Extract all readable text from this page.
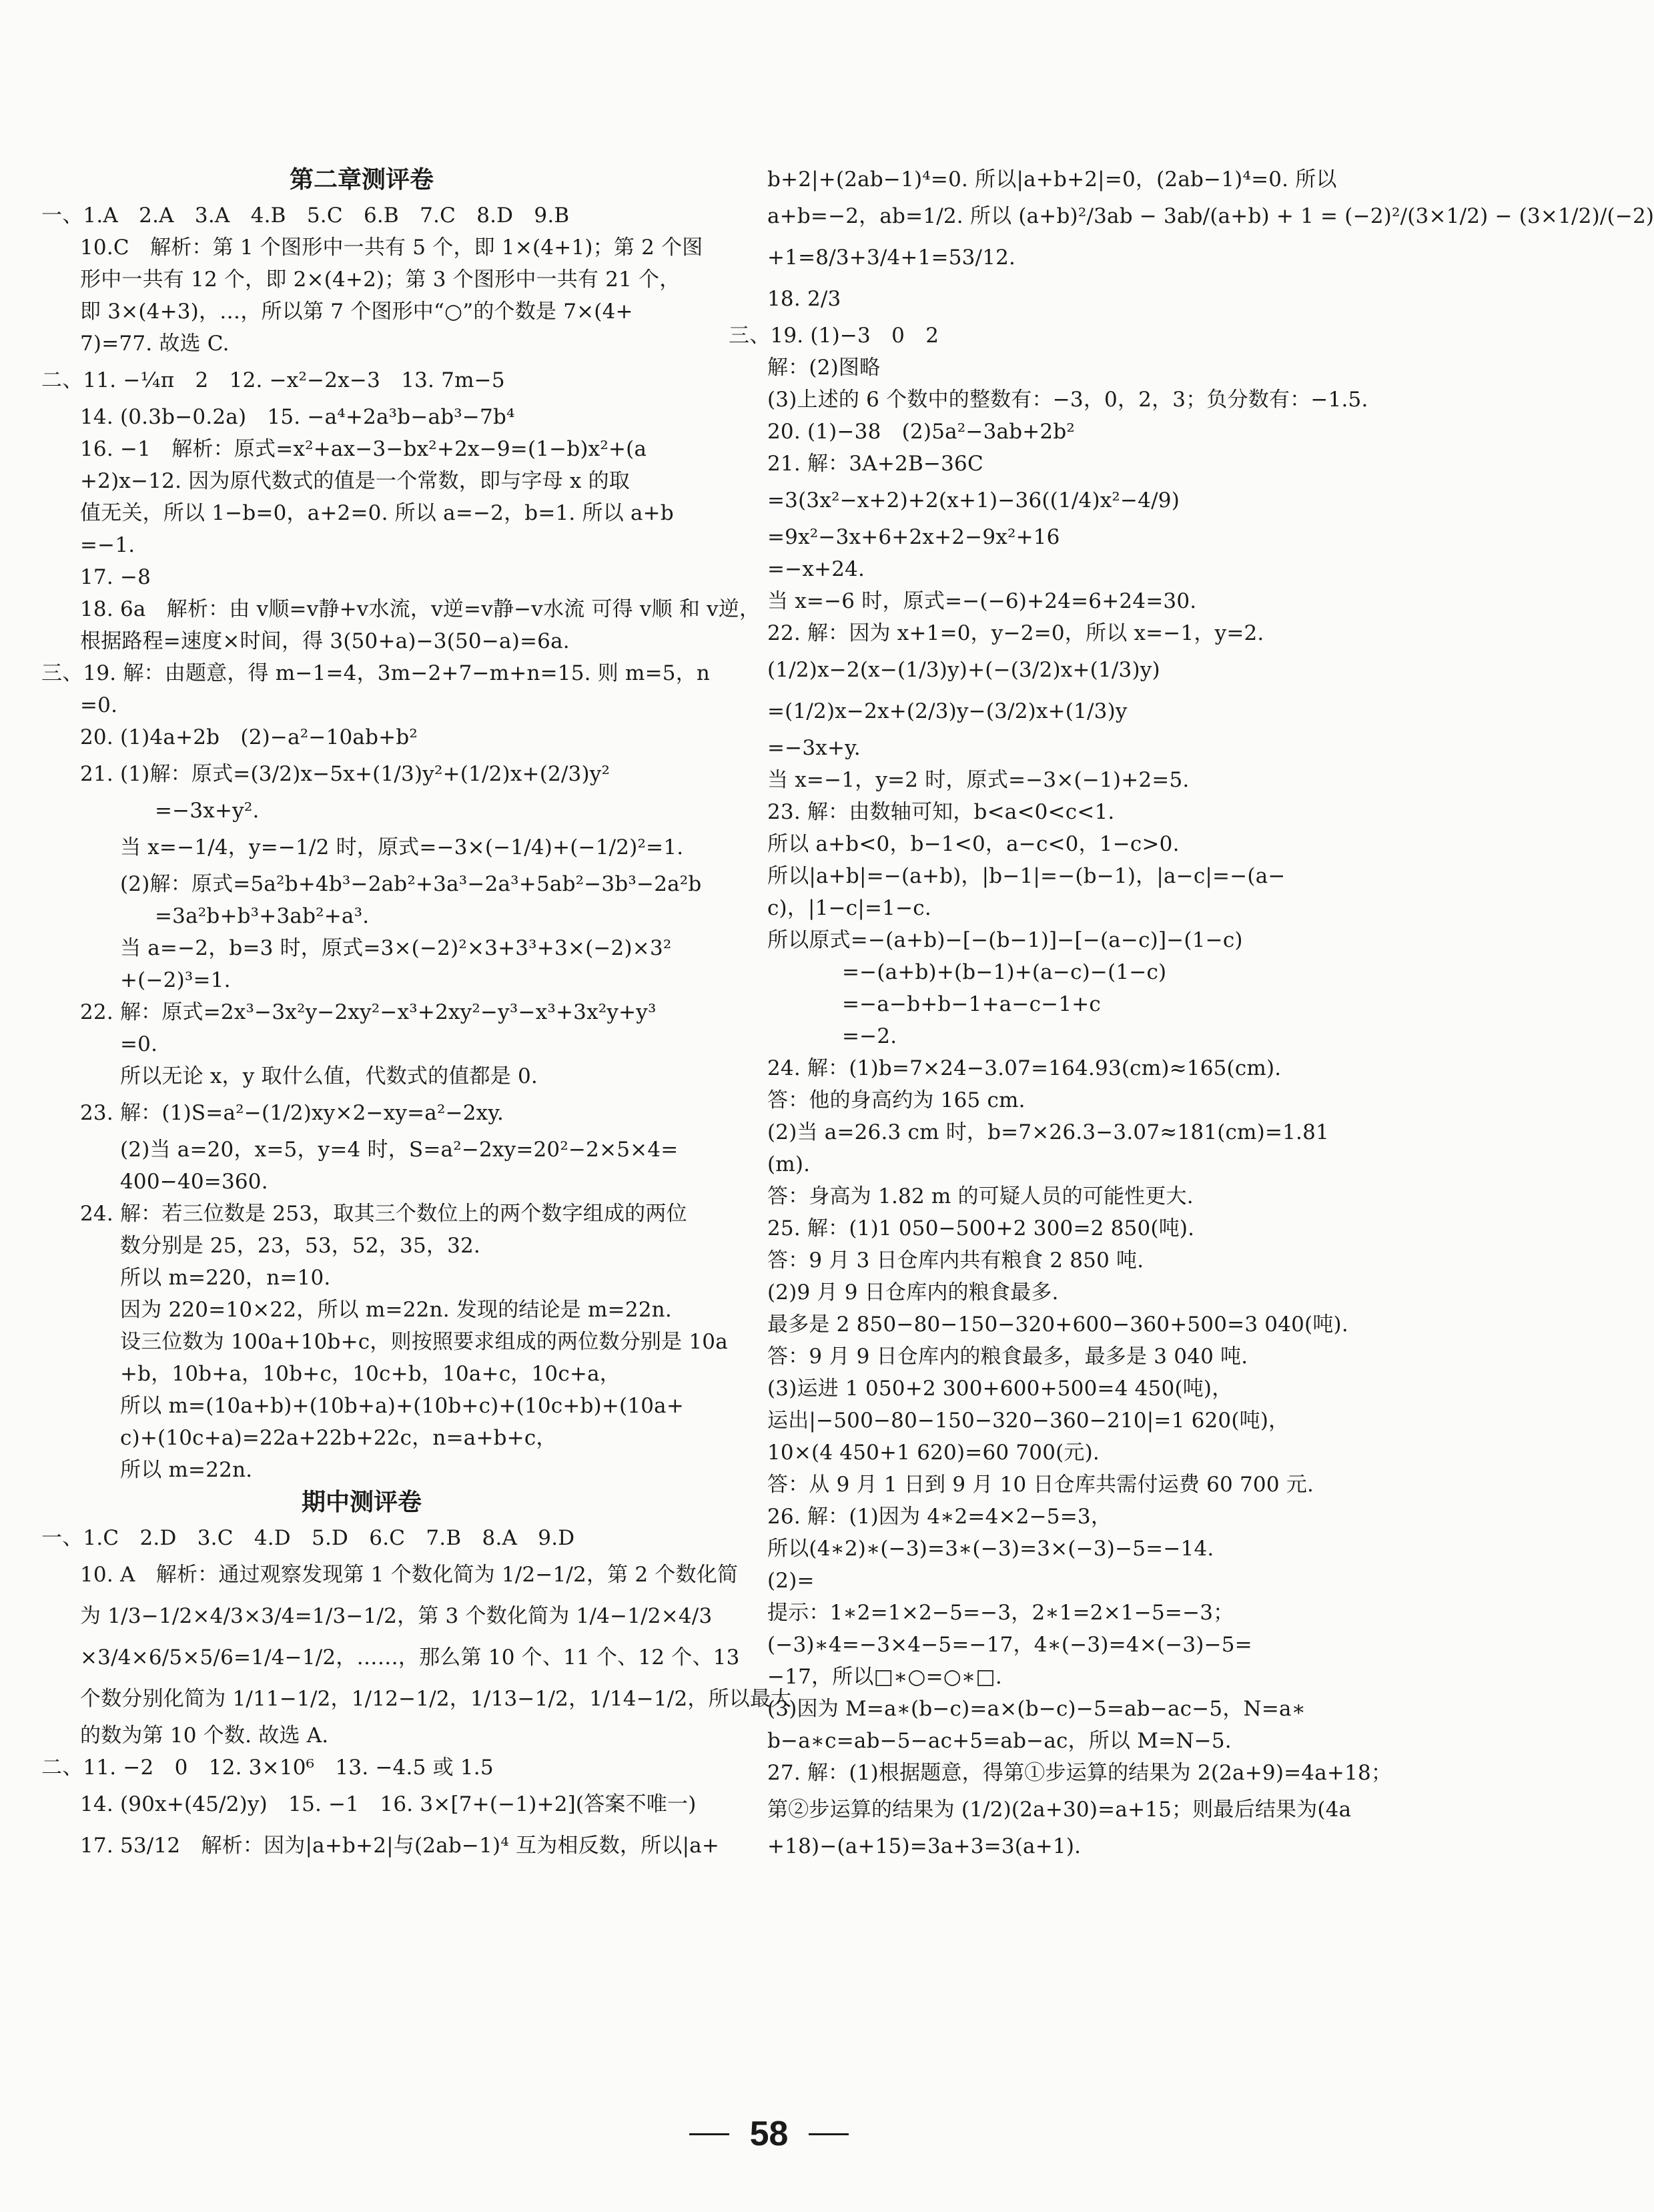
第二章测评卷
一、1.A　2.A　3.A　4.B　5.C　6.B　7.C　8.D　9.B
10.C　解析：第 1 个图形中一共有 5 个，即 1×(4+1)；第 2 个图
形中一共有 12 个，即 2×(4+2)；第 3 个图形中一共有 21 个，
即 3×(4+3)，…，所以第 7 个图形中“○”的个数是 7×(4+
7)=77. 故选 C.
二、11. −¼π　2　12. −x²−2x−3　13. 7m−5
14. (0.3b−0.2a)　15. −a⁴+2a³b−ab³−7b⁴
16. −1　解析：原式=x²+ax−3−bx²+2x−9=(1−b)x²+(a
+2)x−12. 因为原代数式的值是一个常数，即与字母 x 的取
值无关，所以 1−b=0，a+2=0. 所以 a=−2，b=1. 所以 a+b
=−1.
17. −8
18. 6a　解析：由 v顺=v静+v水流，v逆=v静−v水流 可得 v顺 和 v逆，
根据路程=速度×时间，得 3(50+a)−3(50−a)=6a.
三、19. 解：由题意，得 m−1=4，3m−2+7−m+n=15. 则 m=5，n
=0.
20. (1)4a+2b　(2)−a²−10ab+b²
21. (1)解：原式=(3/2)x−5x+(1/3)y²+(1/2)x+(2/3)y²
=−3x+y².
当 x=−1/4，y=−1/2 时，原式=−3×(−1/4)+(−1/2)²=1.
(2)解：原式=5a²b+4b³−2ab²+3a³−2a³+5ab²−3b³−2a²b
=3a²b+b³+3ab²+a³.
当 a=−2，b=3 时，原式=3×(−2)²×3+3³+3×(−2)×3²
+(−2)³=1.
22. 解：原式=2x³−3x²y−2xy²−x³+2xy²−y³−x³+3x²y+y³
=0.
所以无论 x，y 取什么值，代数式的值都是 0.
23. 解：(1)S=a²−(1/2)xy×2−xy=a²−2xy.
(2)当 a=20，x=5，y=4 时，S=a²−2xy=20²−2×5×4=
400−40=360.
24. 解：若三位数是 253，取其三个数位上的两个数字组成的两位
数分别是 25，23，53，52，35，32.
所以 m=220，n=10.
因为 220=10×22，所以 m=22n. 发现的结论是 m=22n.
设三位数为 100a+10b+c，则按照要求组成的两位数分别是 10a
+b，10b+a，10b+c，10c+b，10a+c，10c+a，
所以 m=(10a+b)+(10b+a)+(10b+c)+(10c+b)+(10a+
c)+(10c+a)=22a+22b+22c，n=a+b+c，
所以 m=22n.
期中测评卷
一、1.C　2.D　3.C　4.D　5.D　6.C　7.B　8.A　9.D
10. A　解析：通过观察发现第 1 个数化简为 1/2−1/2，第 2 个数化简
为 1/3−1/2×4/3×3/4=1/3−1/2，第 3 个数化简为 1/4−1/2×4/3
×3/4×6/5×5/6=1/4−1/2，……，那么第 10 个、11 个、12 个、13
个数分别化简为 1/11−1/2，1/12−1/2，1/13−1/2，1/14−1/2，所以最大
的数为第 10 个数. 故选 A.
二、11. −2　0　12. 3×10⁶　13. −4.5 或 1.5
14. (90x+(45/2)y)　15. −1　16. 3×[7+(−1)+2](答案不唯一)
17. 53/12　解析：因为|a+b+2|与(2ab−1)⁴ 互为相反数，所以|a+
b+2|+(2ab−1)⁴=0. 所以|a+b+2|=0，(2ab−1)⁴=0. 所以
a+b=−2，ab=1/2. 所以 (a+b)²/3ab − 3ab/(a+b) + 1 = (−2)²/(3×1/2) − (3×1/2)/(−2)
+1=8/3+3/4+1=53/12.
18. 2/3
三、19. (1)−3　0　2
解：(2)图略
(3)上述的 6 个数中的整数有：−3，0，2，3；负分数有：−1.5.
20. (1)−38　(2)5a²−3ab+2b²
21. 解：3A+2B−36C
=3(3x²−x+2)+2(x+1)−36((1/4)x²−4/9)
=9x²−3x+6+2x+2−9x²+16
=−x+24.
当 x=−6 时，原式=−(−6)+24=6+24=30.
22. 解：因为 x+1=0，y−2=0，所以 x=−1，y=2.
(1/2)x−2(x−(1/3)y)+(−(3/2)x+(1/3)y)
=(1/2)x−2x+(2/3)y−(3/2)x+(1/3)y
=−3x+y.
当 x=−1，y=2 时，原式=−3×(−1)+2=5.
23. 解：由数轴可知，b<a<0<c<1.
所以 a+b<0，b−1<0，a−c<0，1−c>0.
所以|a+b|=−(a+b)，|b−1|=−(b−1)，|a−c|=−(a−
c)，|1−c|=1−c.
所以原式=−(a+b)−[−(b−1)]−[−(a−c)]−(1−c)
=−(a+b)+(b−1)+(a−c)−(1−c)
=−a−b+b−1+a−c−1+c
=−2.
24. 解：(1)b=7×24−3.07=164.93(cm)≈165(cm).
答：他的身高约为 165 cm.
(2)当 a=26.3 cm 时，b=7×26.3−3.07≈181(cm)=1.81
(m).
答：身高为 1.82 m 的可疑人员的可能性更大.
25. 解：(1)1 050−500+2 300=2 850(吨).
答：9 月 3 日仓库内共有粮食 2 850 吨.
(2)9 月 9 日仓库内的粮食最多.
最多是 2 850−80−150−320+600−360+500=3 040(吨).
答：9 月 9 日仓库内的粮食最多，最多是 3 040 吨.
(3)运进 1 050+2 300+600+500=4 450(吨)，
运出|−500−80−150−320−360−210|=1 620(吨)，
10×(4 450+1 620)=60 700(元).
答：从 9 月 1 日到 9 月 10 日仓库共需付运费 60 700 元.
26. 解：(1)因为 4∗2=4×2−5=3，
所以(4∗2)∗(−3)=3∗(−3)=3×(−3)−5=−14.
(2)=
提示：1∗2=1×2−5=−3，2∗1=2×1−5=−3；
(−3)∗4=−3×4−5=−17，4∗(−3)=4×(−3)−5=
−17，所以□∗○=○∗□.
(3)因为 M=a∗(b−c)=a×(b−c)−5=ab−ac−5，N=a∗
b−a∗c=ab−5−ac+5=ab−ac，所以 M=N−5.
27. 解：(1)根据题意，得第①步运算的结果为 2(2a+9)=4a+18；
第②步运算的结果为 (1/2)(2a+30)=a+15；则最后结果为(4a
+18)−(a+15)=3a+3=3(a+1).
58
